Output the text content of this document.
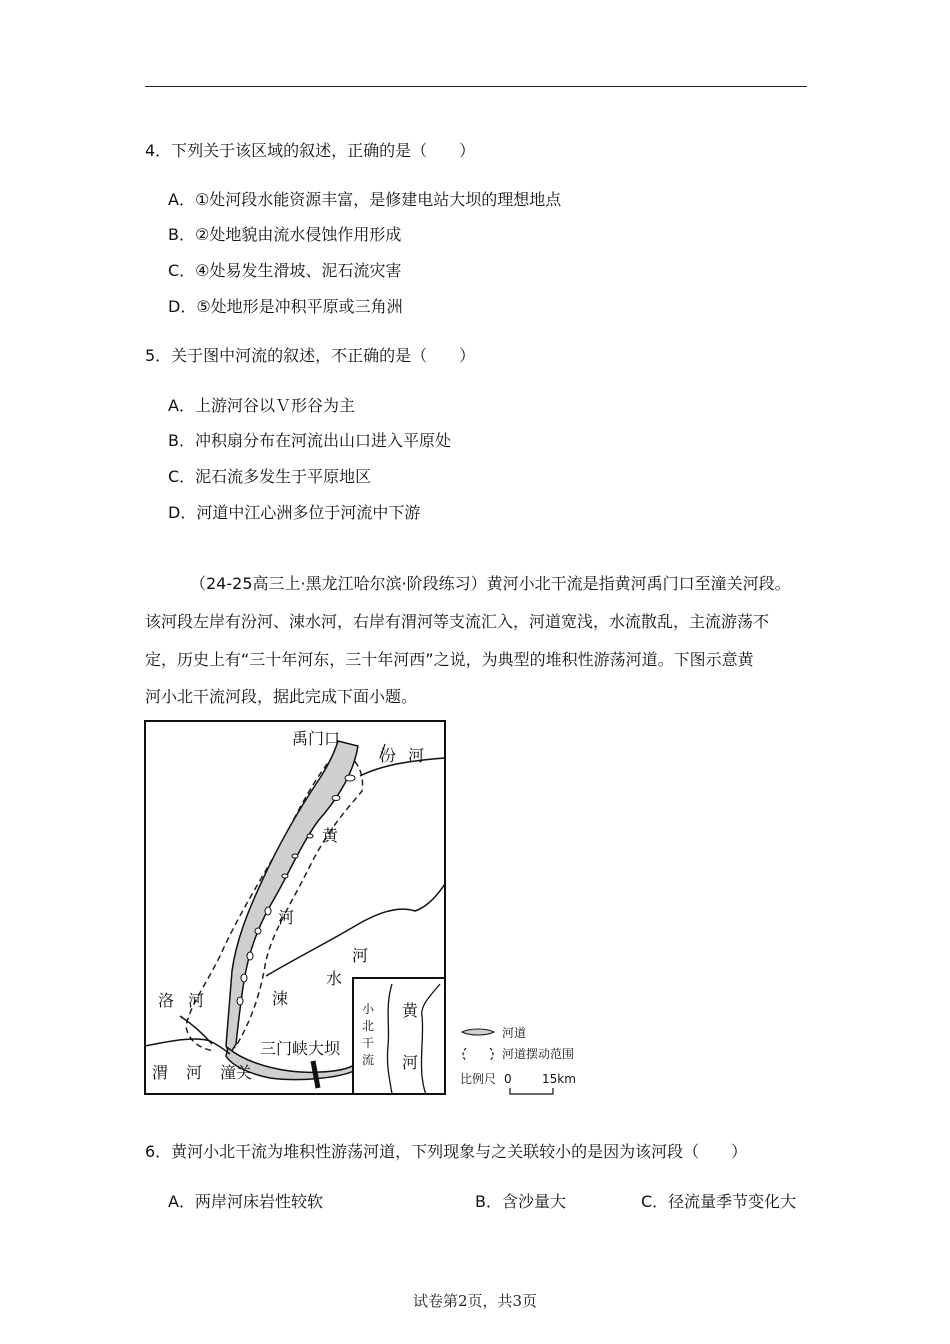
4．下列关于该区域的叙述，正确的是（　　）
A．①处河段水能资源丰富，是修建电站大坝的理想地点
B．②处地貌由流水侵蚀作用形成
C．④处易发生滑坡、泥石流灾害
D．⑤处地形是冲积平原或三角洲
5．关于图中河流的叙述，不正确的是（　　）
A．上游河谷以Ｖ形谷为主
B．冲积扇分布在河流出山口进入平原处
C．泥石流多发生于平原地区
D．河道中江心洲多位于河流中下游
（24-25高三上·黑龙江哈尔滨·阶段练习）黄河小北干流是指黄河禹门口至潼关河段。
该河段左岸有汾河、涑水河，右岸有渭河等支流汇入，河道宽浅，水流散乱，主流游荡不
定，历史上有“三十年河东，三十年河西”之说，为典型的堆积性游荡河道。下图示意黄
河小北干流河段，据此完成下面小题。
禹门口
汾 河
黄
河
河
水
涑
洛 河
渭 河 潼关
三门峡大坝
黄
河
小
北
干
流
河道
河道摆动范围
比例尺 0	15km
6．黄河小北干流为堆积性游荡河道，下列现象与之关联较小的是因为该河段（　　）
A．两岸河床岩性较软	B．含沙量大	C．径流量季节变化大
试卷第2页，共3页
